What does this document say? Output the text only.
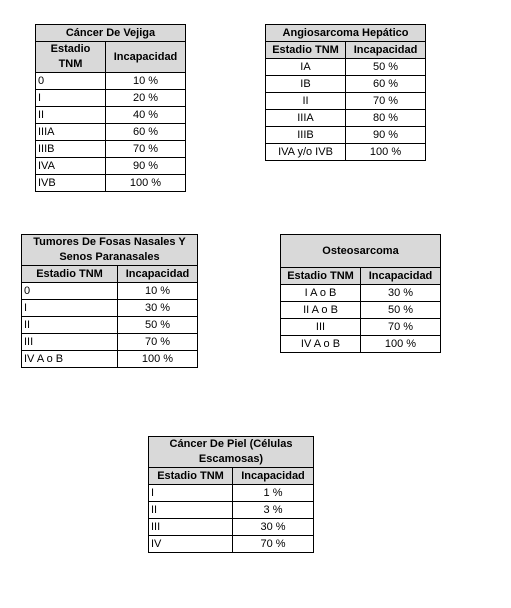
Cáncer De Vejiga	
Estadio TNM	Incapacidad
0	10 %
I	20 %
II	40 %
IIIA	60 %
IIIB	70 %
IVA	90 %
IVB	100 %
Angiosarcoma Hepático	
Estadio TNM	Incapacidad
IA	50 %
IB	60 %
II	70 %
IIIA	80 %
IIIB	90 %
IVA y/o IVB	100 %
Tumores De Fosas Nasales Y Senos Paranasales	
Estadio TNM	Incapacidad
0	10 %
I	30 %
II	50 %
III	70 %
IV A o B	100 %
Osteosarcoma	
Estadio TNM	Incapacidad
I A o B	30 %
II A o B	50 %
III	70 %
IV A o B	100 %
Cáncer De Piel (Células Escamosas)	
Estadio TNM	Incapacidad
I	1 %
II	3 %
III	30 %
IV	70 %
